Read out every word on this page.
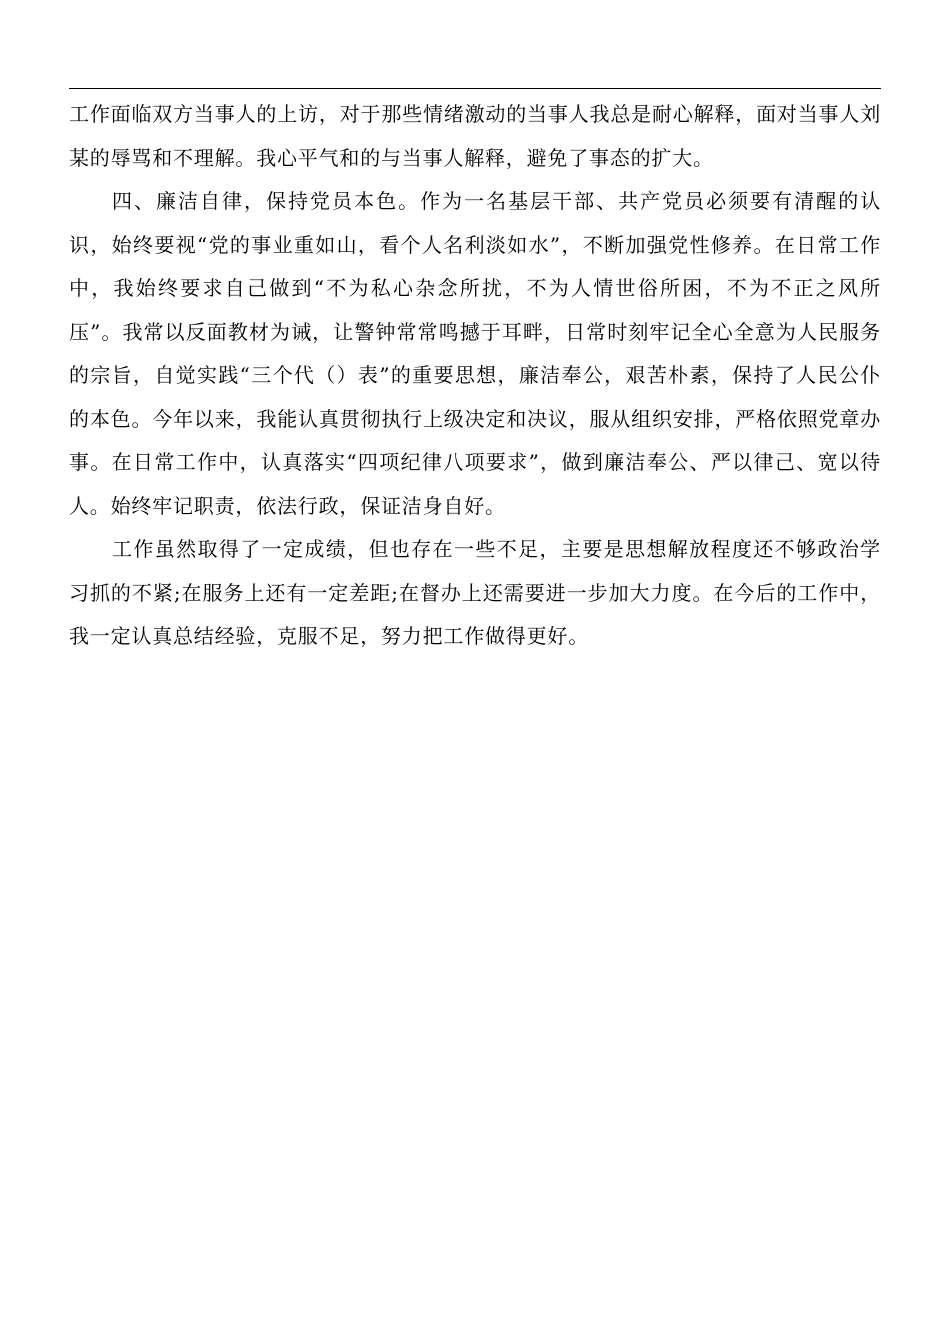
工作面临双方当事人的上访，对于那些情绪激动的当事人我总是耐心解释，面对当事人刘某的辱骂和不理解。我心平气和的与当事人解释，避免了事态的扩大。

四、廉洁自律，保持党员本色。作为一名基层干部、共产党员必须要有清醒的认识，始终要视“党的事业重如山，看个人名利淡如水”，不断加强党性修养。在日常工作中，我始终要求自己做到“不为私心杂念所扰，不为人情世俗所困，不为不正之风所压”。我常以反面教材为诫，让警钟常常鸣撼于耳畔，日常时刻牢记全心全意为人民服务的宗旨，自觉实践“三个代（）表”的重要思想，廉洁奉公，艰苦朴素，保持了人民公仆的本色。今年以来，我能认真贯彻执行上级决定和决议，服从组织安排，严格依照党章办事。在日常工作中，认真落实“四项纪律八项要求”，做到廉洁奉公、严以律己、宽以待人。始终牢记职责，依法行政，保证洁身自好。

工作虽然取得了一定成绩，但也存在一些不足，主要是思想解放程度还不够政治学习抓的不紧;在服务上还有一定差距;在督办上还需要进一步加大力度。在今后的工作中，我一定认真总结经验，克服不足，努力把工作做得更好。
